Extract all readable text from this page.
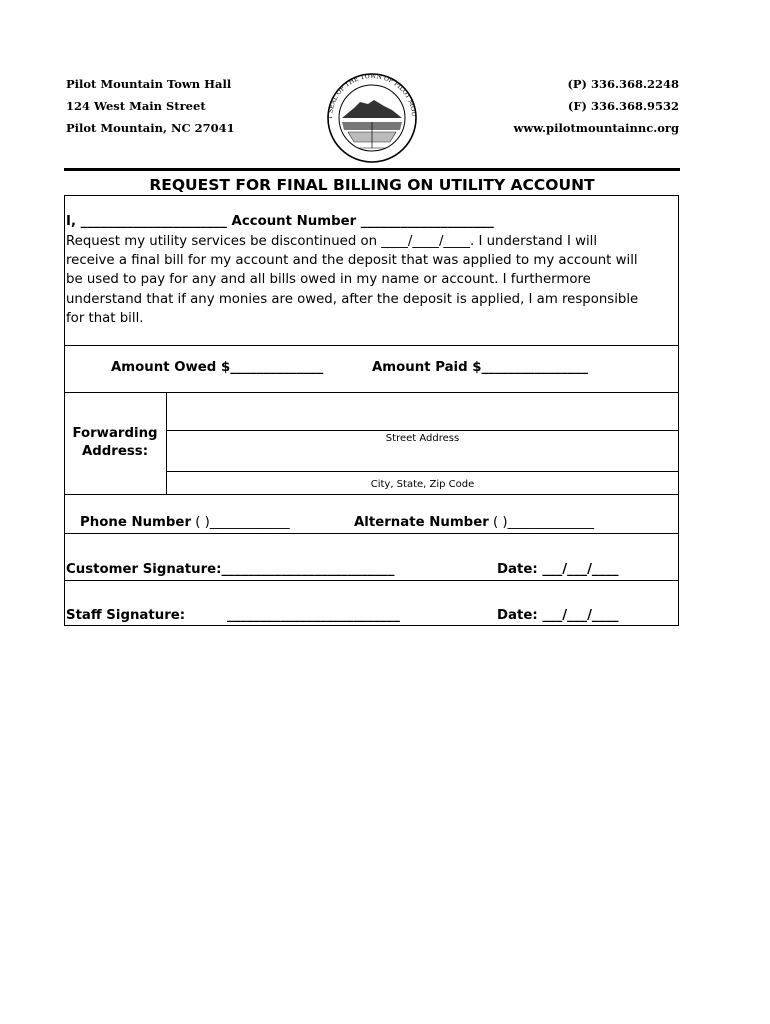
Pilot Mountain Town Hall
124 West Main Street
Pilot Mountain, NC 27041
(P) 336.368.2248
(F) 336.368.9532
www.pilotmountainnc.org
T SEAL OF THE TOWN OF PILOT MOU
REQUEST FOR FINAL BILLING ON UTILITY ACCOUNT
I, ______________________ Account Number ____________________
Request my utility services be discontinued on ____/____/____. I understand I will
receive a final bill for my account and the deposit that was applied to my account will
be used to pay for any and all bills owed in my name or account. I furthermore
understand that if any monies are owed, after the deposit is applied, I am responsible
for that bill.
Amount Owed $______________	Amount Paid $________________
Forwarding
Address:
Street Address
City, State, Zip Code
Phone Number ( )____________	Alternate Number ( )_____________
Customer Signature:__________________________	Date: ___/___/____
Staff Signature:	__________________________	Date: ___/___/____
